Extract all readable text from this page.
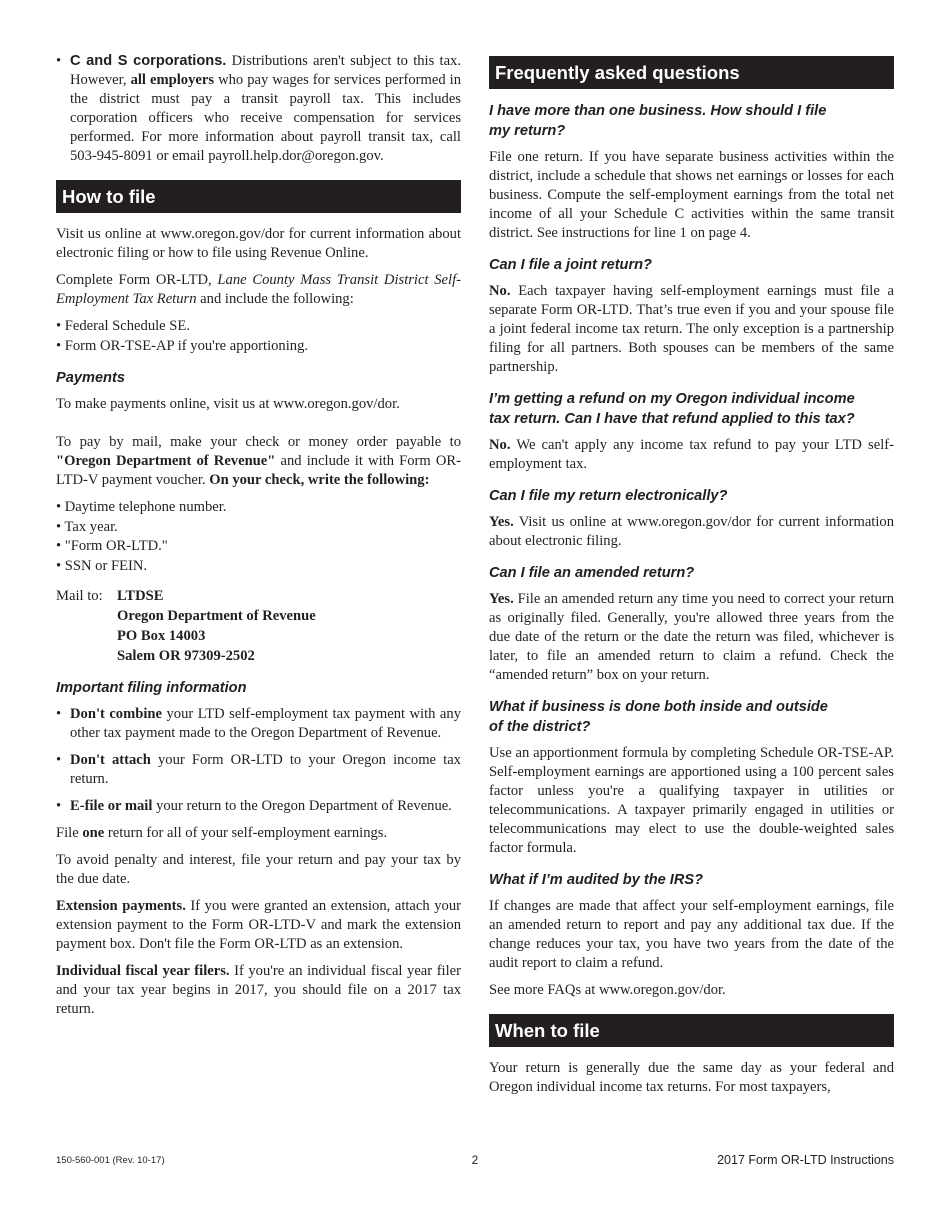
• C and S corporations. Distributions aren't subject to this tax. However, all employers who pay wages for services performed in the district must pay a transit payroll tax. This includes corporation officers who receive compensation for services performed. For more information about payroll transit tax, call 503-945-8091 or email payroll.help.dor@oregon.gov.
How to file

Visit us online at www.oregon.gov/dor for current information about electronic filing or how to file using Revenue Online.

Complete Form OR-LTD, Lane County Mass Transit District Self-Employment Tax Return and include the following:

• Federal Schedule SE.
• Form OR-TSE-AP if you're apportioning.
Payments

To make payments online, visit us at www.oregon.gov/dor.

To pay by mail, make your check or money order payable to "Oregon Department of Revenue" and include it with Form OR-LTD-V payment voucher. On your check, write the following:

• Daytime telephone number.
• Tax year.
• "Form OR-LTD."
• SSN or FEIN.
Mail to: LTDSE
Oregon Department of Revenue
PO Box 14003
Salem OR 97309-2502
Important filing information
• Don't combine your LTD self-employment tax payment with any other tax payment made to the Oregon Department of Revenue.
• Don't attach your Form OR-LTD to your Oregon income tax return.
• E-file or mail your return to the Oregon Department of Revenue.

File one return for all of your self-employment earnings.

To avoid penalty and interest, file your return and pay your tax by the due date.

Extension payments. If you were granted an extension, attach your extension payment to the Form OR-LTD-V and mark the extension payment box. Don't file the Form OR-LTD as an extension.

Individual fiscal year filers. If you're an individual fiscal year filer and your tax year begins in 2017, you should file on a 2017 tax return.

Frequently asked questions
I have more than one business. How should I file
my return?

File one return. If you have separate business activities within the district, include a schedule that shows net earnings or losses for each business. Compute the self-employment earnings from the total net income of all your Schedule C activities within the same transit district. See instructions for line 1 on page 4.

Can I file a joint return?

No. Each taxpayer having self-employment earnings must file a separate Form OR-LTD. That’s true even if you and your spouse file a joint federal income tax return. The only exception is a partnership filing for all partners. Both spouses can be members of the same partnership.

I’m getting a refund on my Oregon individual income
tax return. Can I have that refund applied to this tax?

No. We can't apply any income tax refund to pay your LTD self-employment tax.

Can I file my return electronically?

Yes. Visit us online at www.oregon.gov/dor for current information about electronic filing.

Can I file an amended return?

Yes. File an amended return any time you need to correct your return as originally filed. Generally, you're allowed three years from the due date of the return or the date the return was filed, whichever is later, to file an amended return to claim a refund. Check the “amended return” box on your return.

What if business is done both inside and outside
of the district?

Use an apportionment formula by completing Schedule OR-TSE-AP. Self-employment earnings are apportioned using a 100 percent sales factor unless you're a qualifying taxpayer in utilities or telecommunications. A taxpayer primarily engaged in utilities or telecommunications may elect to use the double-weighted sales factor formula.

What if I’m audited by the IRS?

If changes are made that affect your self-employment earnings, file an amended return to report and pay any additional tax due. If the change reduces your tax, you have two years from the date of the audit report to claim a refund.

See more FAQs at www.oregon.gov/dor.

When to file

Your return is generally due the same day as your federal and Oregon individual income tax returns. For most taxpayers,

150-560-001 (Rev. 10-17)	2	2017 Form OR-LTD Instructions
